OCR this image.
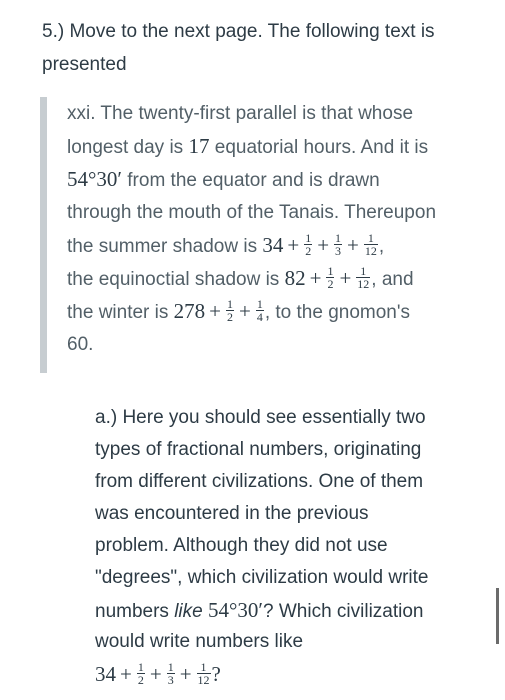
5.) Move to the next page. The following text is
presented
xxi. The twenty-first parallel is that whose
longest day is 17 equatorial hours. And it is
54°30′ from the equator and is drawn
through the mouth of the Tanais. Thereupon
the summer shadow is $34 + \frac{1}{2} + \frac{1}{3} + \frac{1}{12}$ ,
the equinoctial shadow is $82 + \frac{1}{2} + \frac{1}{12}$ , and
the winter is $278 + \frac{1}{2} + \frac{1}{4}$ , to the gnomon's
60.
a.) Here you should see essentially two
types of fractional numbers, originating
from different civilizations. One of them
was encountered in the previous
problem. Although they did not use
"degrees", which civilization would write
numbers like 54°30′? Which civilization
would write numbers like
$34 + \frac{1}{2} + \frac{1}{3} + \frac{1}{12}$ ?
